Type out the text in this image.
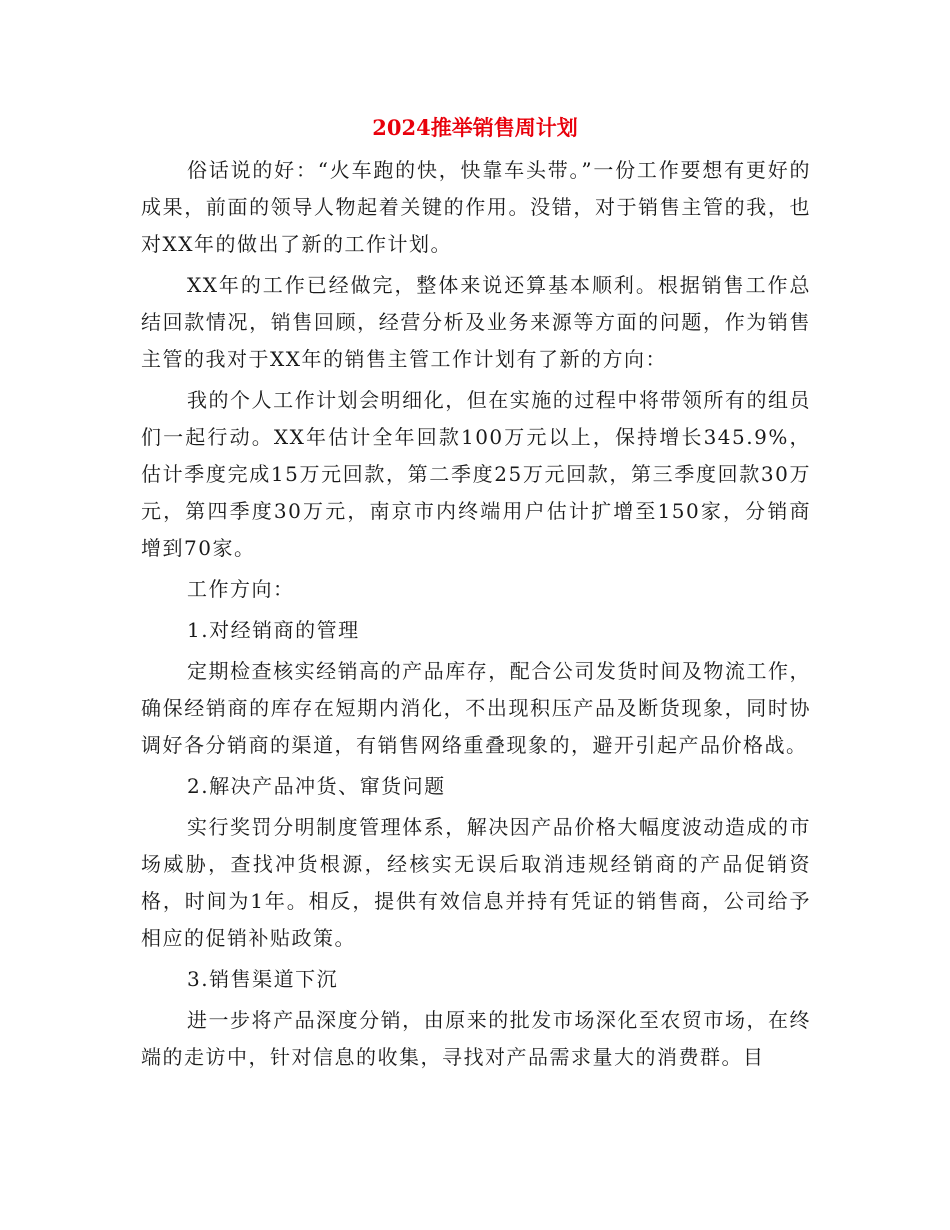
2024推举销售周计划

俗话说的好：“火车跑的快，快靠车头带。”一份工作要想有更好的成果，前面的领导人物起着关键的作用。没错，对于销售主管的我，也对XX年的做出了新的工作计划。

XX年的工作已经做完，整体来说还算基本顺利。根据销售工作总结回款情况，销售回顾，经营分析及业务来源等方面的问题，作为销售主管的我对于XX年的销售主管工作计划有了新的方向：

我的个人工作计划会明细化，但在实施的过程中将带领所有的组员们一起行动。XX年估计全年回款100万元以上，保持增长345.9%，估计季度完成15万元回款，第二季度25万元回款，第三季度回款30万元，第四季度30万元，南京市内终端用户估计扩增至150家，分销商增到70家。

工作方向：

1.对经销商的管理

定期检查核实经销高的产品库存，配合公司发货时间及物流工作，确保经销商的库存在短期内消化，不出现积压产品及断货现象，同时协调好各分销商的渠道，有销售网络重叠现象的，避开引起产品价格战。

2.解决产品冲货、窜货问题

实行奖罚分明制度管理体系，解决因产品价格大幅度波动造成的市场威胁，查找冲货根源，经核实无误后取消违规经销商的产品促销资格，时间为1年。相反，提供有效信息并持有凭证的销售商，公司给予相应的促销补贴政策。

3.销售渠道下沉

进一步将产品深度分销，由原来的批发市场深化至农贸市场，在终端的走访中，针对信息的收集，寻找对产品需求量大的消费群。目
